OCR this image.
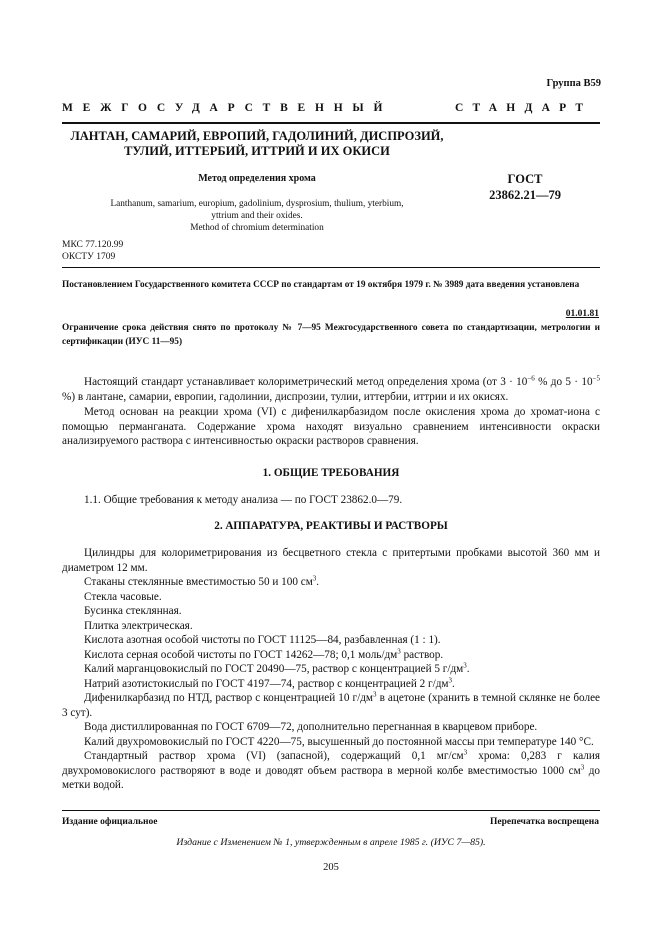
Группа В59
МЕЖГОСУДАРСТВЕННЫЙ	СТАНДАРТ
ЛАНТАН, САМАРИЙ, ЕВРОПИЙ, ГАДОЛИНИЙ, ДИСПРОЗИЙ,
ТУЛИЙ, ИТТЕРБИЙ, ИТТРИЙ И ИХ ОКИСИ
Метод определения хрома
Lanthanum, samarium, europium, gadolinium, dysprosium, thulium, yterbium,
yttrium and their oxides.
Method of chromium determination
ГОСТ
23862.21—79
МКС 77.120.99
ОКСТУ 1709

Постановлением Государственного комитета СССР по стандартам от 19 октября 1979 г. № 3989 дата введения установлена

01.01.81

Ограничение срока действия снято по протоколу № 7—95 Межгосударственного совета по стандартизации, метрологии и сертификации (ИУС 11—95)

Настоящий стандарт устанавливает колориметрический метод определения хрома (от $3 \cdot 10^{-6}$ % до $5 \cdot 10^{-5}$ %) в лантане, самарии, европии, гадолинии, диспрозии, тулии, иттербии, иттрии и их окисях.

Метод основан на реакции хрома (VI) с дифенилкарбазидом после окисления хрома до хромат-иона с помощью перманганата. Содержание хрома находят визуально сравнением интенсивности окраски анализируемого раствора с интенсивностью окраски растворов сравнения.

1. ОБЩИЕ ТРЕБОВАНИЯ

1.1. Общие требования к методу анализа — по ГОСТ 23862.0—79.

2. АППАРАТУРА, РЕАКТИВЫ И РАСТВОРЫ

Цилиндры для колориметрирования из бесцветного стекла с притертыми пробками высотой 360 мм и диаметром 12 мм.

Стаканы стеклянные вместимостью 50 и 100 $см^3$.

Стекла часовые.

Бусинка стеклянная.

Плитка электрическая.

Кислота азотная особой чистоты по ГОСТ 11125—84, разбавленная (1 : 1).

Кислота серная особой чистоты по ГОСТ 14262—78; 0,1 моль/$дм^3$ раствор.

Калий марганцовокислый по ГОСТ 20490—75, раствор с концентрацией 5 $г/дм^3$.

Натрий азотистокислый по ГОСТ 4197—74, раствор с концентрацией 2 $г/дм^3$.

Дифенилкарбазид по НТД, раствор с концентрацией 10 $г/дм^3$ в ацетоне (хранить в темной склянке не более 3 сут).

Вода дистиллированная по ГОСТ 6709—72, дополнительно перегнанная в кварцевом приборе.

Калий двухромовокислый по ГОСТ 4220—75, высушенный до постоянной массы при температуре 140 °С.

Стандартный раствор хрома (VI) (запасной), содержащий 0,1 $мг/см^3$ хрома: 0,283 г калия двухромовокислого растворяют в воде и доводят объем раствора в мерной колбе вместимостью 1000 $см^3$ до метки водой.

Издание официальное	Перепечатка воспрещена
Издание с Изменением № 1, утвержденным в апреле 1985 г. (ИУС 7—85).
205
